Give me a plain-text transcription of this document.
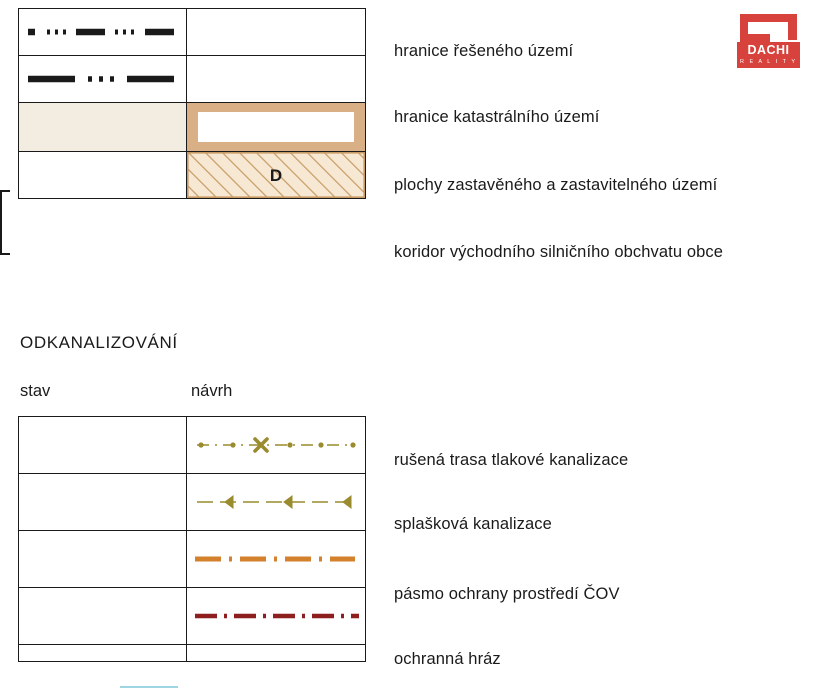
D
hranice řešeného území
hranice katastrálního území
plochy zastavěného a zastavitelného území
koridor východního silničního obchvatu obce
ODKANALIZOVÁNÍ
stav	návrh

rušená trasa tlakové kanalizace
splašková kanalizace
pásmo ochrany prostředí ČOV
ochranná hráz
DACHI
R E A L I T Y
